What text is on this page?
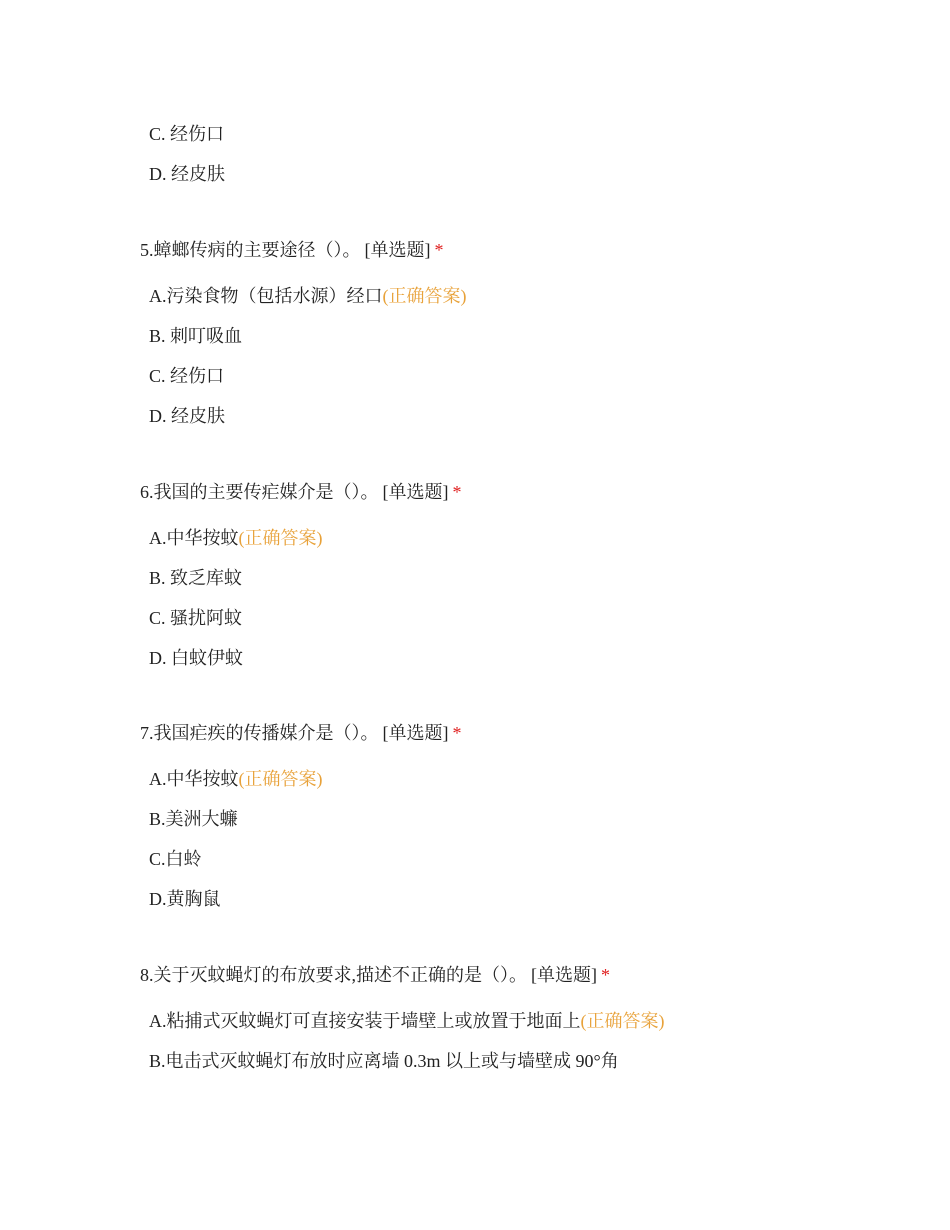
C. 经伤口
D. 经皮肤
5.蟑螂传病的主要途径（）。 [单选题] *
A.污染食物（包括水源）经口(正确答案)
B. 刺叮吸血
C. 经伤口
D. 经皮肤
6.我国的主要传疟媒介是（）。 [单选题] *
A.中华按蚊(正确答案)
B. 致乏库蚊
C. 骚扰阿蚊
D. 白蚊伊蚊
7.我国疟疾的传播媒介是（）。 [单选题] *
A.中华按蚊(正确答案)
B.美洲大蠊
C.白蛉
D.黄胸鼠
8.关于灭蚊蝇灯的布放要求,描述不正确的是（）。 [单选题] *
A.粘捕式灭蚊蝇灯可直接安装于墙壁上或放置于地面上(正确答案)
B.电击式灭蚊蝇灯布放时应离墙 0.3m 以上或与墙壁成 90°角
